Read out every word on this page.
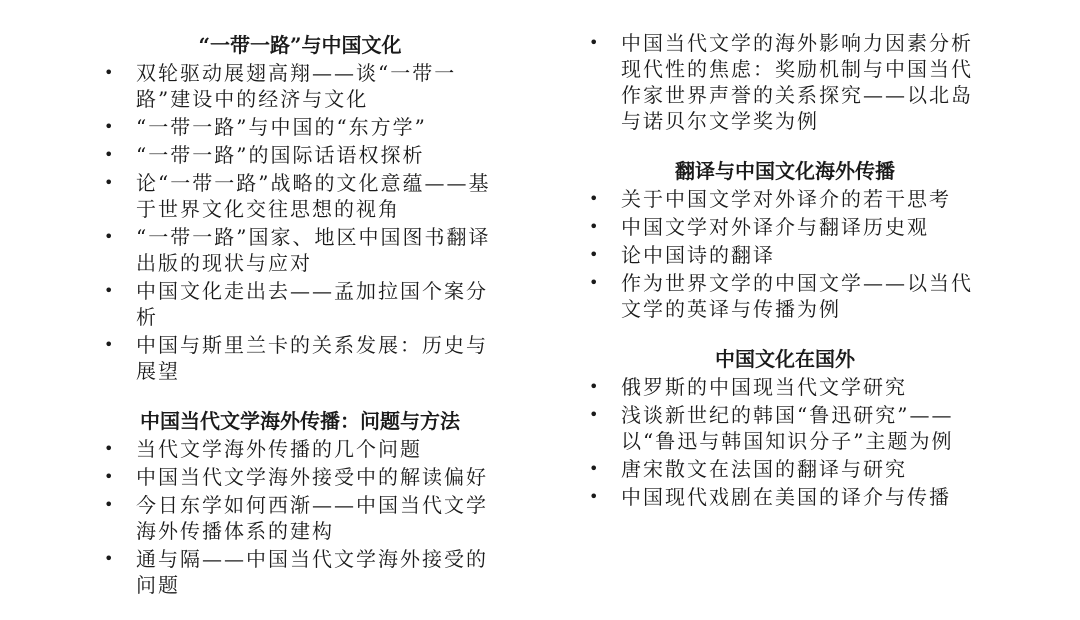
“一带一路”与中国文化
• 双轮驱动展翅高翔——谈“一带一路”建设中的经济与文化
• “一带一路”与中国的“东方学”
• “一带一路”的国际话语权探析
• 论“一带一路”战略的文化意蕴——基于世界文化交往思想的视角
• “一带一路”国家、地区中国图书翻译出版的现状与应对
• 中国文化走出去——孟加拉国个案分析
• 中国与斯里兰卡的关系发展：历史与展望
中国当代文学海外传播：问题与方法
• 当代文学海外传播的几个问题
• 中国当代文学海外接受中的解读偏好
• 今日东学如何西渐——中国当代文学海外传播体系的建构
• 通与隔——中国当代文学海外接受的问题
• 中国当代文学的海外影响力因素分析现代性的焦虑：奖励机制与中国当代作家世界声誉的关系探究——以北岛与诺贝尔文学奖为例
翻译与中国文化海外传播
• 关于中国文学对外译介的若干思考
• 中国文学对外译介与翻译历史观
• 论中国诗的翻译
• 作为世界文学的中国文学——以当代文学的英译与传播为例
中国文化在国外
• 俄罗斯的中国现当代文学研究
• 浅谈新世纪的韩国“鲁迅研究”——以“鲁迅与韩国知识分子”主题为例
• 唐宋散文在法国的翻译与研究
• 中国现代戏剧在美国的译介与传播
